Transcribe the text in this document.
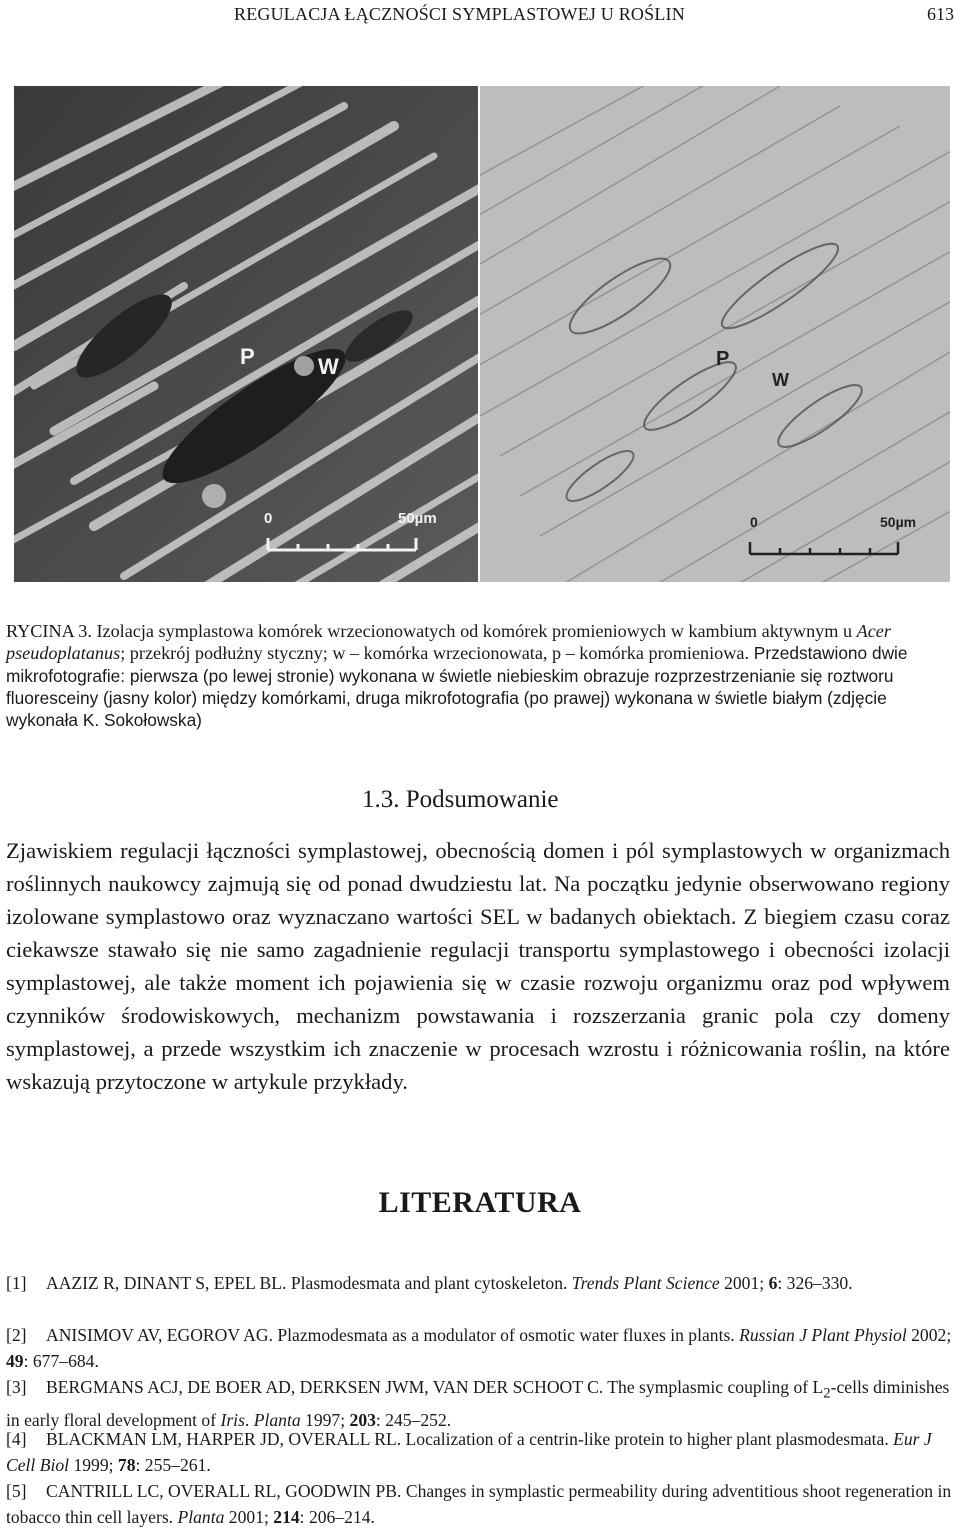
REGULACJA ŁĄCZNOŚCI SYMPLASTOWEJ U ROŚLIN	613
P	W
0	50µm
P
W
0	50µm
RYCINA 3. Izolacja symplastowa komórek wrzecionowatych od komórek promieniowych w kambium aktywnym u Acer pseudoplatanus; przekrój podłużny styczny; w – komórka wrzecionowata, p – komórka promieniowa. Przedstawiono dwie mikrofotografie: pierwsza (po lewej stronie) wykonana w świetle niebieskim obrazuje rozprzestrzenianie się roztworu fluoresceiny (jasny kolor) między komórkami, druga mikrofotografia (po prawej) wykonana w świetle białym (zdjęcie wykonała K. Sokołowska)
1.3. Podsumowanie

Zjawiskiem regulacji łączności symplastowej, obecnością domen i pól symplastowych w organizmach roślinnych naukowcy zajmują się od ponad dwudziestu lat. Na początku jedynie obserwowano regiony izolowane symplastowo oraz wyznaczano wartości SEL w badanych obiektach. Z biegiem czasu coraz ciekawsze stawało się nie samo zagadnienie regulacji transportu symplastowego i obecności izolacji symplastowej, ale także moment ich pojawienia się w czasie rozwoju organizmu oraz pod wpływem czynników środowiskowych, mechanizm powstawania i rozszerzania granic pola czy domeny symplastowej, a przede wszystkim ich znaczenie w procesach wzrostu i różnicowania roślin, na które wskazują przytoczone w artykule przykłady.

LITERATURA
[1] AAZIZ R, DINANT S, EPEL BL. Plasmodesmata and plant cytoskeleton. Trends Plant Science 2001; 6: 326–330.
[2] ANISIMOV AV, EGOROV AG. Plazmodesmata as a modulator of osmotic water fluxes in plants. Russian J Plant Physiol 2002; 49: 677–684.
[3] BERGMANS ACJ, DE BOER AD, DERKSEN JWM, VAN DER SCHOOT C. The symplasmic coupling of $L_2$-cells diminishes in early floral development of Iris. Planta 1997; 203: 245–252.
[4] BLACKMAN LM, HARPER JD, OVERALL RL. Localization of a centrin-like protein to higher plant plasmodesmata. Eur J Cell Biol 1999; 78: 255–261.
[5] CANTRILL LC, OVERALL RL, GOODWIN PB. Changes in symplastic permeability during adventitious shoot regeneration in tobacco thin cell layers. Planta 2001; 214: 206–214.
